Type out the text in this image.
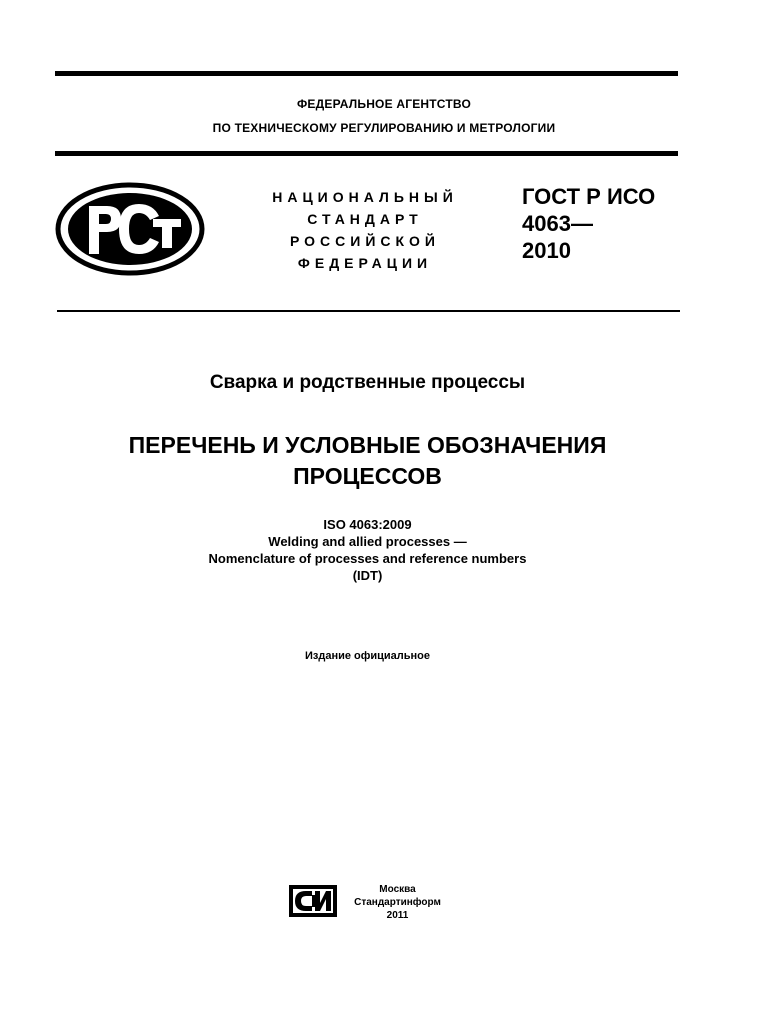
ФЕДЕРАЛЬНОЕ АГЕНТСТВО
ПО ТЕХНИЧЕСКОМУ РЕГУЛИРОВАНИЮ И МЕТРОЛОГИИ
НАЦИОНАЛЬНЫЙ
СТАНДАРТ
РОССИЙСКОЙ
ФЕДЕРАЦИИ
ГОСТ Р ИСО
4063—
2010
Сварка и родственные процессы
ПЕРЕЧЕНЬ И УСЛОВНЫЕ ОБОЗНАЧЕНИЯ
ПРОЦЕССОВ
ISO 4063:2009
Welding and allied processes —
Nomenclature of processes and reference numbers
(IDT)
Издание официальное
Москва
Стандартинформ
2011
